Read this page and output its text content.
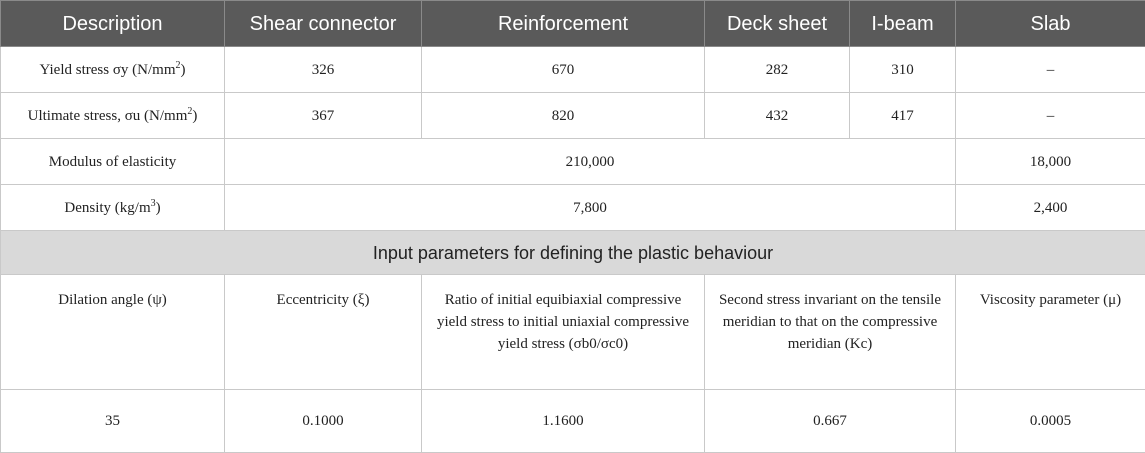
Description	Shear connector	Reinforcement	Deck sheet	I-beam	Slab
Yield stress σy $(N/mm^2)$	326	670	282	310	–
Ultimate stress, σu $(N/mm^2)$	367	820	432	417	–
Modulus of elasticity	210,000				18,000
Density $(kg/m^3)$	7,800				2,400
Input parameters for defining the plastic behaviour					
Dilation angle (ψ)	Eccentricity (ξ)	Ratio of initial equibiaxial compressive yield stress to initial uniaxial compressive yield stress (σb0/σc0)	Second stress invariant on the tensile meridian to that on the compressive meridian (Kc)		Viscosity parameter (μ)
35	0.1000	1.1600	0.667		0.0005
